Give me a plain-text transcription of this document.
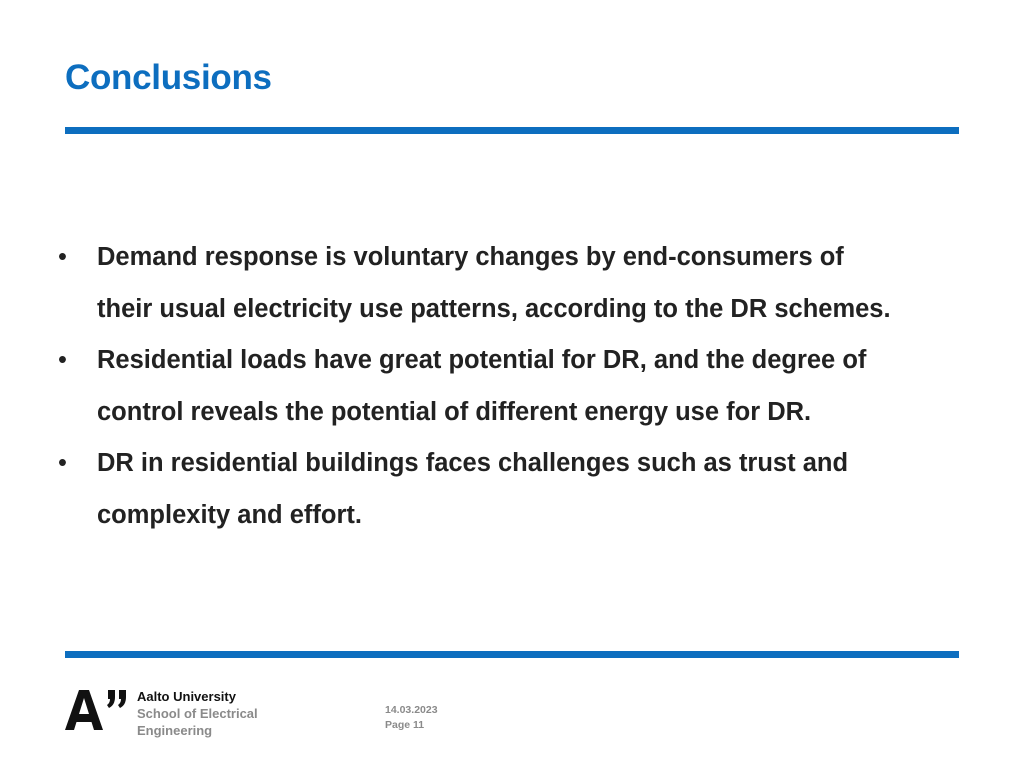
Conclusions
•	Demand response is voluntary changes by end-consumers of
their usual electricity use patterns, according to the DR schemes.
•	Residential loads have great potential for DR, and the degree of
control reveals the potential of different energy use for DR.
•	DR in residential buildings faces challenges such as trust and
complexity and effort.
Aalto University
School of Electrical
Engineering
14.03.2023
Page 11
